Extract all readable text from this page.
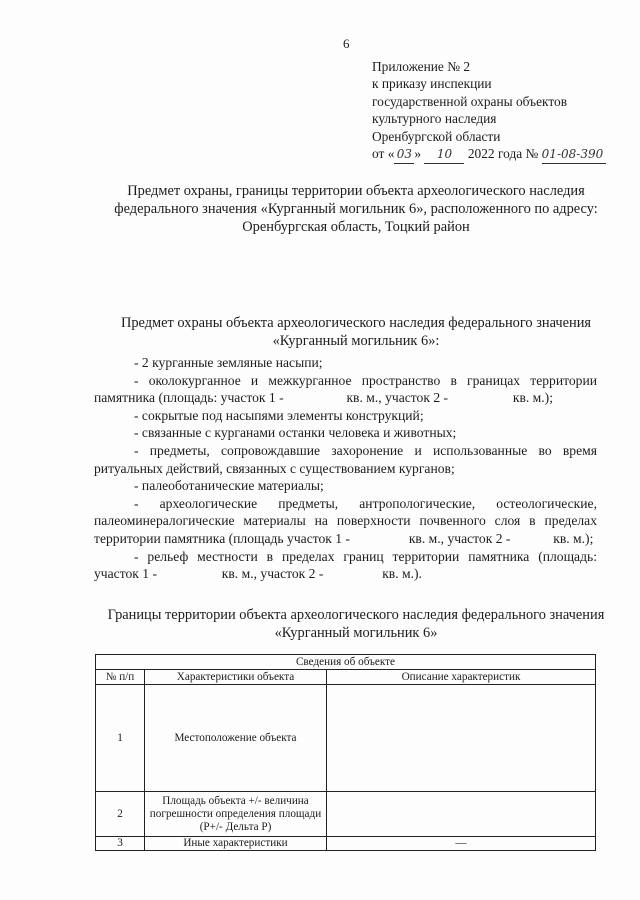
6
Приложение № 2
к приказу инспекции
государственной охраны объектов
культурного наследия
Оренбургской области
от « 03 » 10 2022 года № 01-08-390
Предмет охраны, границы территории объекта археологического наследия федерального значения «Курганный могильник 6», расположенного по адресу: Оренбургская область, Тоцкий район
Предмет охраны объекта археологического наследия федерального значения «Курганный могильник 6»:
- 2 курганные земляные насыпи;
- околокурганное и межкурганное пространство в границах территории памятника (площадь: участок 1 -	кв. м., участок 2 -	кв. м.);
- сокрытые под насыпями элементы конструкций;
- связанные с курганами останки человека и животных;
- предметы, сопровождавшие захоронение и использованные во время ритуальных действий, связанных с существованием курганов;
- палеоботанические материалы;
- археологические предметы, антропологические, остеологические, палеоминералогические материалы на поверхности почвенного слоя в пределах территории памятника (площадь участок 1 -	кв. м., участок 2 -	кв. м.);
- рельеф местности в пределах границ территории памятника (площадь: участок 1 -	кв. м., участок 2 -	кв. м.).
Границы территории объекта археологического наследия федерального значения «Курганный могильник 6»
Сведения об объекте		
№ п/п	Характеристики объекта	Описание характеристик
1	Местоположение объекта	
2	Площадь объекта +/- величина погрешности определения площади (Р+/- Дельта Р)	
3	Иные характеристики	—
